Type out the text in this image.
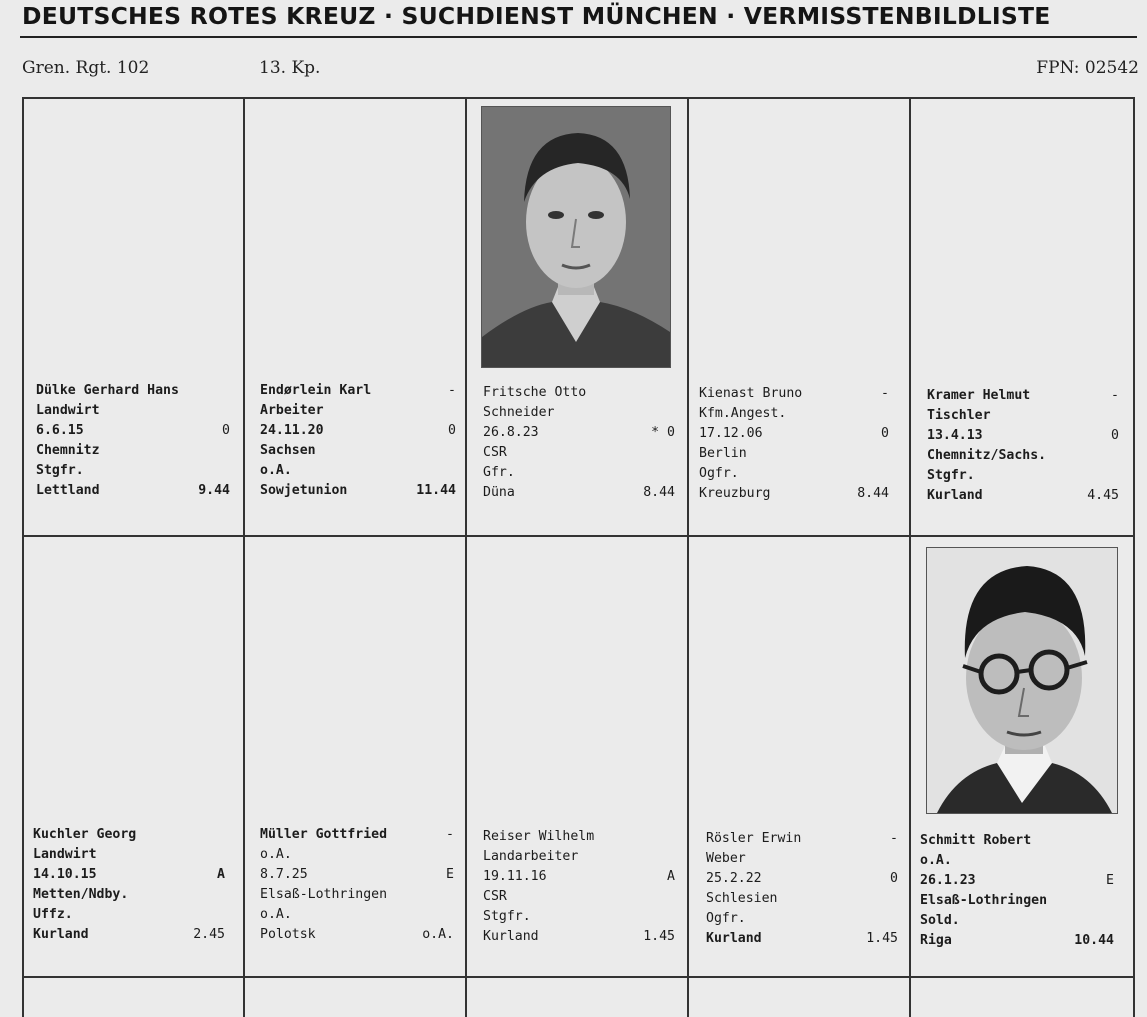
DEUTSCHES ROTES KREUZ · SUCHDIENST MÜNCHEN · VERMISSTENBILDLISTE
Gren. Rgt. 102	13. Kp.	FPN: 02542
Dülke Gerhard Hans
Landwirt
6.6.15	0
Chemnitz
Stgfr.
Lettland	9.44
Endørlein Karl	-
Arbeiter
24.11.20	0
Sachsen
o.A.
Sowjetunion	11.44
Fritsche Otto
Schneider
26.8.23	* 0
CSR
Gfr.
Düna	8.44
Kienast Bruno	-
Kfm.Angest.
17.12.06	0
Berlin
Ogfr.
Kreuzburg	8.44
Kramer Helmut	-
Tischler
13.4.13	0
Chemnitz/Sachs.
Stgfr.
Kurland	4.45
Kuchler Georg
Landwirt
14.10.15	A
Metten/Ndby.
Uffz.
Kurland	2.45
Müller Gottfried	-
o.A.
8.7.25	E
Elsaß-Lothringen
o.A.
Polotsk	o.A.
Reiser Wilhelm
Landarbeiter
19.11.16	A
CSR
Stgfr.
Kurland	1.45
Rösler Erwin	-
Weber
25.2.22	0
Schlesien
Ogfr.
Kurland	1.45
Schmitt Robert
o.A.
26.1.23	E
Elsaß-Lothringen
Sold.
Riga	10.44
